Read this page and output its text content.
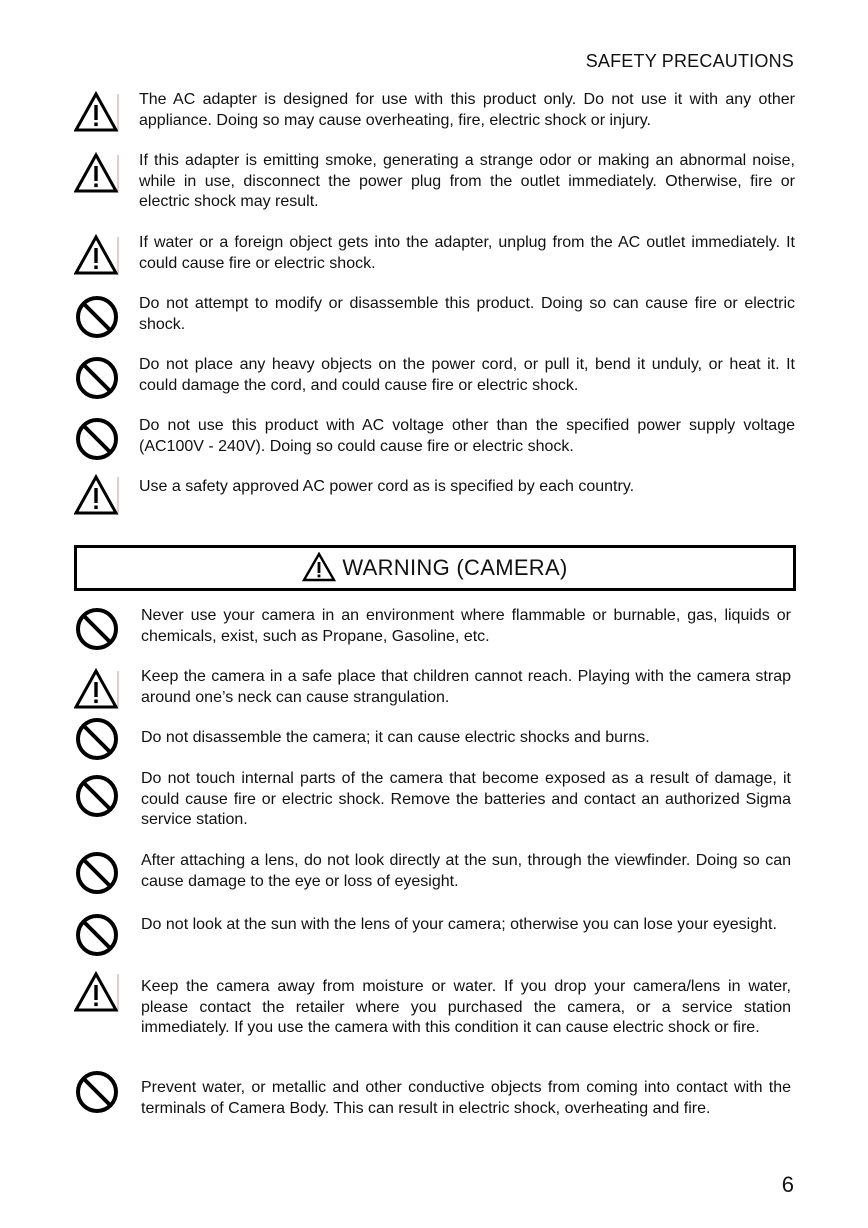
SAFETY PRECAUTIONS
The AC adapter is designed for use with this product only. Do not use it with any other appliance. Doing so may cause overheating, fire, electric shock or injury.
If this adapter is emitting smoke, generating a strange odor or making an abnormal noise, while in use, disconnect the power plug from the outlet immediately. Otherwise, fire or electric shock may result.
If water or a foreign object gets into the adapter, unplug from the AC outlet immediately. It could cause fire or electric shock.
Do not attempt to modify or disassemble this product. Doing so can cause fire or electric shock.
Do not place any heavy objects on the power cord, or pull it, bend it unduly, or heat it. It could damage the cord, and could cause fire or electric shock.
Do not use this product with AC voltage other than the specified power supply voltage (AC100V - 240V). Doing so could cause fire or electric shock.
Use a safety approved AC power cord as is specified by each country.
WARNING (CAMERA)
Never use your camera in an environment where flammable or burnable, gas, liquids or chemicals, exist, such as Propane, Gasoline, etc.
Keep the camera in a safe place that children cannot reach. Playing with the camera strap around one’s neck can cause strangulation.
Do not disassemble the camera; it can cause electric shocks and burns.
Do not touch internal parts of the camera that become exposed as a result of damage, it could cause fire or electric shock. Remove the batteries and contact an authorized Sigma service station.
After attaching a lens, do not look directly at the sun, through the viewfinder. Doing so can cause damage to the eye or loss of eyesight.
Do not look at the sun with the lens of your camera; otherwise you can lose your eyesight.
Keep the camera away from moisture or water. If you drop your camera/lens in water, please contact the retailer where you purchased the camera, or a service station immediately. If you use the camera with this condition it can cause electric shock or fire.
Prevent water, or metallic and other conductive objects from coming into contact with the terminals of Camera Body. This can result in electric shock, overheating and fire.
6
